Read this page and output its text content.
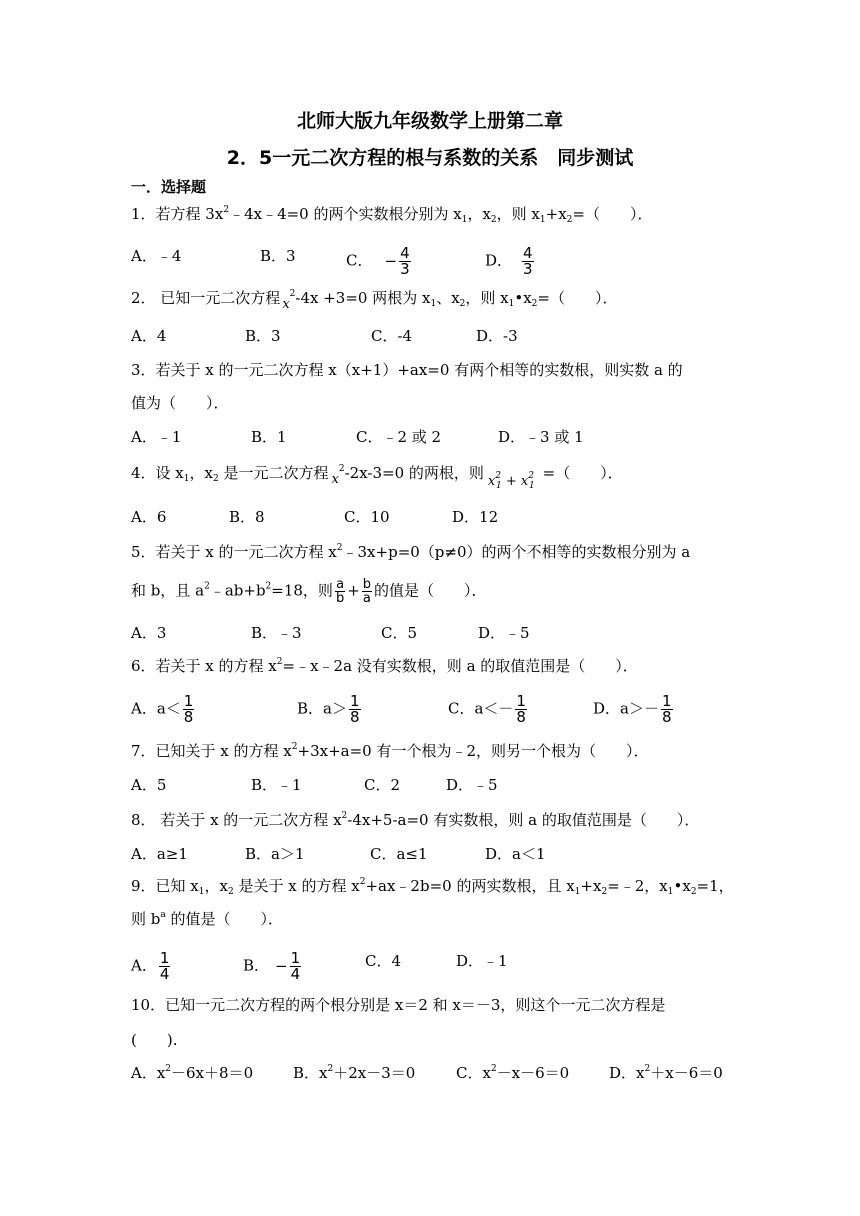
北师大版九年级数学上册第二章
2．5一元二次方程的根与系数的关系　同步测试
一．选择题
1．若方程 $3x^2﹣4x﹣4=0$ 的两个实数根分别为 $x_1$，$x_2$，则 $x_1+x_2=$（　　）．
A．﹣4	B．3	C． − $\frac{4}{3}$	D． $\frac{4}{3}$
2． 已知一元二次方程 $x^2-4x +3=0$ 两根为 $x_1$、$x_2$，则 $x_1•x_2=$（　　）．
A．4	B．3	C．-4	D．-3
3．若关于 x 的一元二次方程 x（x+1）+ax=0 有两个相等的实数根，则实数 a 的
值为（　　）．
A．﹣1	B．1	C．﹣2 或 2	D．﹣3 或 1
4．设 $x_1$，$x_2$ 是一元二次方程 $x^2-2x-3=0$ 的两根，则 $x^2_1 + x^2_1=$（　　）．
A．6	B．8	C．10	D．12
5．若关于 x 的一元二次方程 $x^2﹣3x+p=0(p\ne 0)$的两个不相等的实数根分别为 a
和 b，且 $a^2﹣ab+b^2=18$，则 $\frac{a}{b} + \frac{b}{a}$ 的值是（　　）．
A．3	B．﹣3	C．5	D．﹣5
6．若关于 x 的方程 $x^2=﹣x﹣2a$ 没有实数根，则 a 的取值范围是（　　）．
A．$a< \frac{1}{8}$	B．$a> \frac{1}{8}$	C．$a<- \frac{1}{8}$	D．$a>- \frac{1}{8}$
7．已知关于 x 的方程 $x^2+3x+a=0$ 有一个根为﹣2，则另一个根为（　　）．
A．5	B．﹣1	C．2	D．﹣5
8． 若关于 x 的一元二次方程 $x^2-4x+5-a=0$ 有实数根，则 a 的取值范围是（　　）．
A．a≥1	B．a＞1	C．a≤1	D．a＜1
9．已知 $x_1$，$x_2$ 是关于 x 的方程 $x^2+ax﹣2b=0$ 的两实数根，且 $x_1+x_2=﹣2$，$x_1•x_2=1$，
则 $b^a$ 的值是（　　）．
A． $\frac{1}{4}$	B． − $\frac{1}{4}$	C．4	D．﹣1
10．已知一元二次方程的两个根分别是 x＝2 和 x＝－3，则这个一元二次方程是
(　　).
A．$x^2-6x+8=0$	B．$x^2+2x-3=0$	C．$x^2-x-6=0$	D．$x^2+x-6=0$
